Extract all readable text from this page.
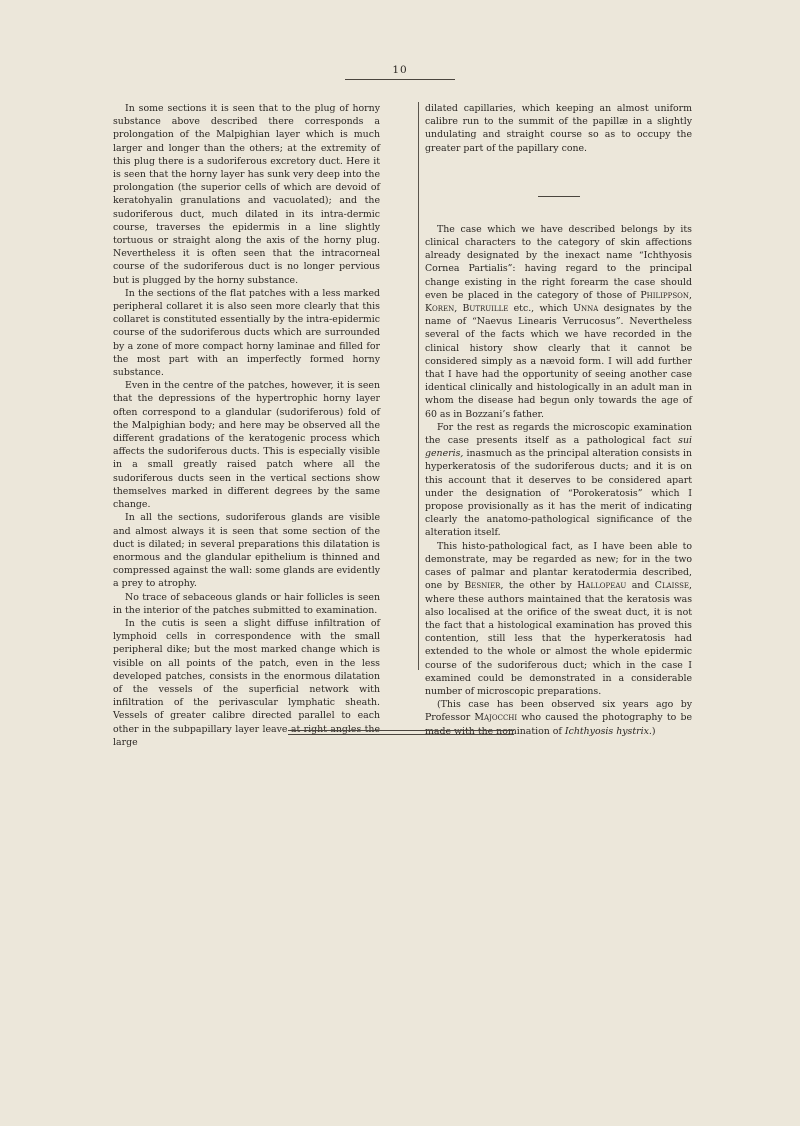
10

In some sections it is seen that to the plug of horny substance above described there corresponds a prolongation of the Malpighian layer which is much larger and longer than the others; at the extremity of this plug there is a sudoriferous excretory duct. Here it is seen that the horny layer has sunk very deep into the prolongation (the superior cells of which are devoid of keratohyalin granulations and vacuolated); and the sudoriferous duct, much dilated in its intra-dermic course, traverses the epidermis in a line slightly tortuous or straight along the axis of the horny plug. Nevertheless it is often seen that the intracorneal course of the sudoriferous duct is no longer pervious but is plugged by the horny substance.

In the sections of the flat patches with a less marked peripheral collaret it is also seen more clearly that this collaret is constituted essentially by the intra-epidermic course of the sudoriferous ducts which are surrounded by a zone of more compact horny laminae and filled for the most part with an imperfectly formed horny substance.

Even in the centre of the patches, however, it is seen that the depressions of the hypertrophic horny layer often correspond to a glandular (sudoriferous) fold of the Malpighian body; and here may be observed all the different gradations of the keratogenic process which affects the sudoriferous ducts. This is especially visible in a small greatly raised patch where all the sudoriferous ducts seen in the vertical sections show themselves marked in different degrees by the same change.

In all the sections, sudoriferous glands are visible and almost always it is seen that some section of the duct is dilated; in several preparations this dilatation is enormous and the glandular epithelium is thinned and compressed against the wall: some glands are evidently a prey to atrophy.

No trace of sebaceous glands or hair follicles is seen in the interior of the patches submitted to examination.

In the cutis is seen a slight diffuse infiltration of lymphoid cells in correspondence with the small peripheral dike; but the most marked change which is visible on all points of the patch, even in the less developed patches, consists in the enormous dilatation of the vessels of the superficial network with infiltration of the perivascular lymphatic sheath. Vessels of greater calibre directed parallel to each other in the subpapillary layer leave at right angles the large

dilated capillaries, which keeping an almost uniform calibre run to the summit of the papillæ in a slightly undulating and straight course so as to occupy the greater part of the papillary cone.

The case which we have described belongs by its clinical characters to the category of skin affections already designated by the inexact name “Ichthyosis Cornea Partialis”: having regard to the principal change existing in the right forearm the case should even be placed in the category of those of Philippson, Koren, Butruille etc., which Unna designates by the name of “Naevus Linearis Verrucosus”. Nevertheless several of the facts which we have recorded in the clinical history show clearly that it cannot be considered simply as a nævoid form. I will add further that I have had the opportunity of seeing another case identical clinically and histologically in an adult man in whom the disease had begun only towards the age of 60 as in Bozzani’s father.

For the rest as regards the microscopic examination the case presents itself as a pathological fact sui generis, inasmuch as the principal alteration consists in hyperkeratosis of the sudoriferous ducts; and it is on this account that it deserves to be considered apart under the designation of “Porokeratosis” which I propose provisionally as it has the merit of indicating clearly the anatomo-pathological significance of the alteration itself.

This histo-pathological fact, as I have been able to demonstrate, may be regarded as new; for in the two cases of palmar and plantar keratodermia described, one by Besnier, the other by Hallopeau and Claisse, where these authors maintained that the keratosis was also localised at the orifice of the sweat duct, it is not the fact that a histological examination has proved this contention, still less that the hyperkeratosis had extended to the whole or almost the whole epidermic course of the sudoriferous duct; which in the case I examined could be demonstrated in a considerable number of microscopic preparations.

(This case has been observed six years ago by Professor Majocchi who caused the photography to be made with the nomination of Ichthyosis hystrix.)
